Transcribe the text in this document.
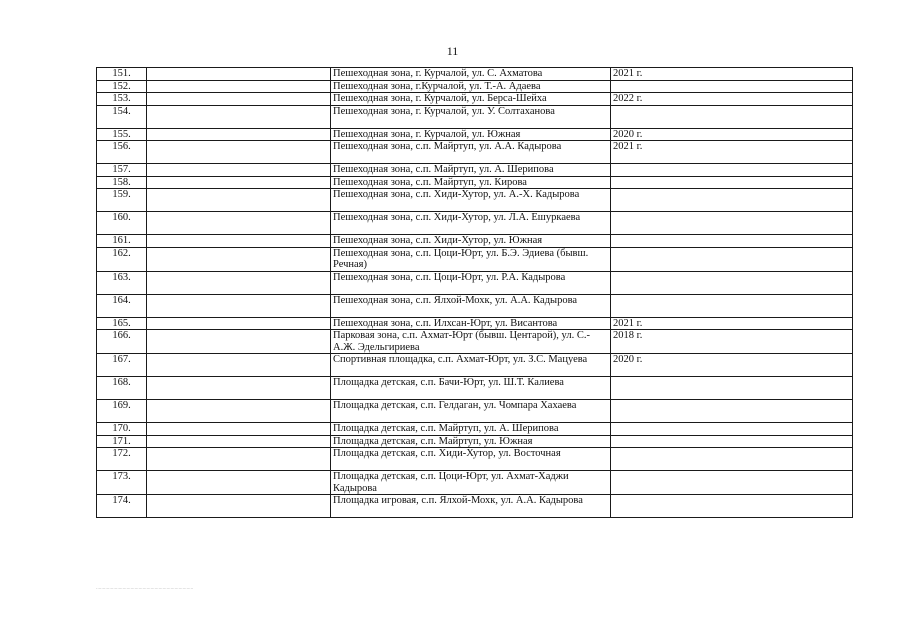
11
151.		Пешеходная зона, г. Курчалой, ул. С. Ахматова	2021 г.
152.		Пешеходная зона, г.Курчалой, ул. Т.-А. Адаева	
153.		Пешеходная зона, г. Курчалой, ул. Берса-Шейха	2022 г.
154.		Пешеходная зона, г. Курчалой, ул. У. Солтаханова	
155.		Пешеходная зона, г. Курчалой, ул. Южная	2020 г.
156.		Пешеходная зона, с.п. Майртуп, ул. А.А. Кадырова	2021 г.
157.		Пешеходная зона, с.п. Майртуп, ул. А. Шерипова	
158.		Пешеходная зона, с.п. Майртуп, ул. Кирова	
159.		Пешеходная зона, с.п. Хиди-Хутор, ул. А.-Х. Кадырова	
160.		Пешеходная зона, с.п. Хиди-Хутор, ул. Л.А. Ешуркаева	
161.		Пешеходная зона, с.п. Хиди-Хутор, ул. Южная	
162.		Пешеходная зона, с.п. Цоци-Юрт, ул. Б.Э. Эдиева (бывш. Речная)	
163.		Пешеходная зона, с.п. Цоци-Юрт, ул. Р.А. Кадырова	
164.		Пешеходная зона, с.п. Ялхой-Мохк, ул. А.А. Кадырова	
165.		Пешеходная зона, с.п. Илхсан-Юрт, ул. Висантова	2021 г.
166.		Парковая зона, с.п. Ахмат-Юрт (бывш. Центарой), ул. С.-А.Ж. Эдельгириева	2018 г.
167.		Спортивная площадка, с.п. Ахмат-Юрт, ул. З.С. Мацуева	2020 г.
168.		Площадка детская, с.п. Бачи-Юрт, ул. Ш.Т. Калиева	
169.		Площадка детская, с.п. Гелдаган, ул. Чомпара Хахаева	
170.		Площадка детская, с.п. Майртуп, ул. А. Шерипова	
171.		Площадка детская, с.п. Майртуп, ул. Южная	
172.		Площадка детская, с.п. Хиди-Хутор, ул. Восточная	
173.		Площадка детская, с.п. Цоци-Юрт, ул. Ахмат-Хаджи Кадырова	
174.		Площадка игровая, с.п. Ялхой-Мохк, ул. А.А. Кадырова	
·········································································
